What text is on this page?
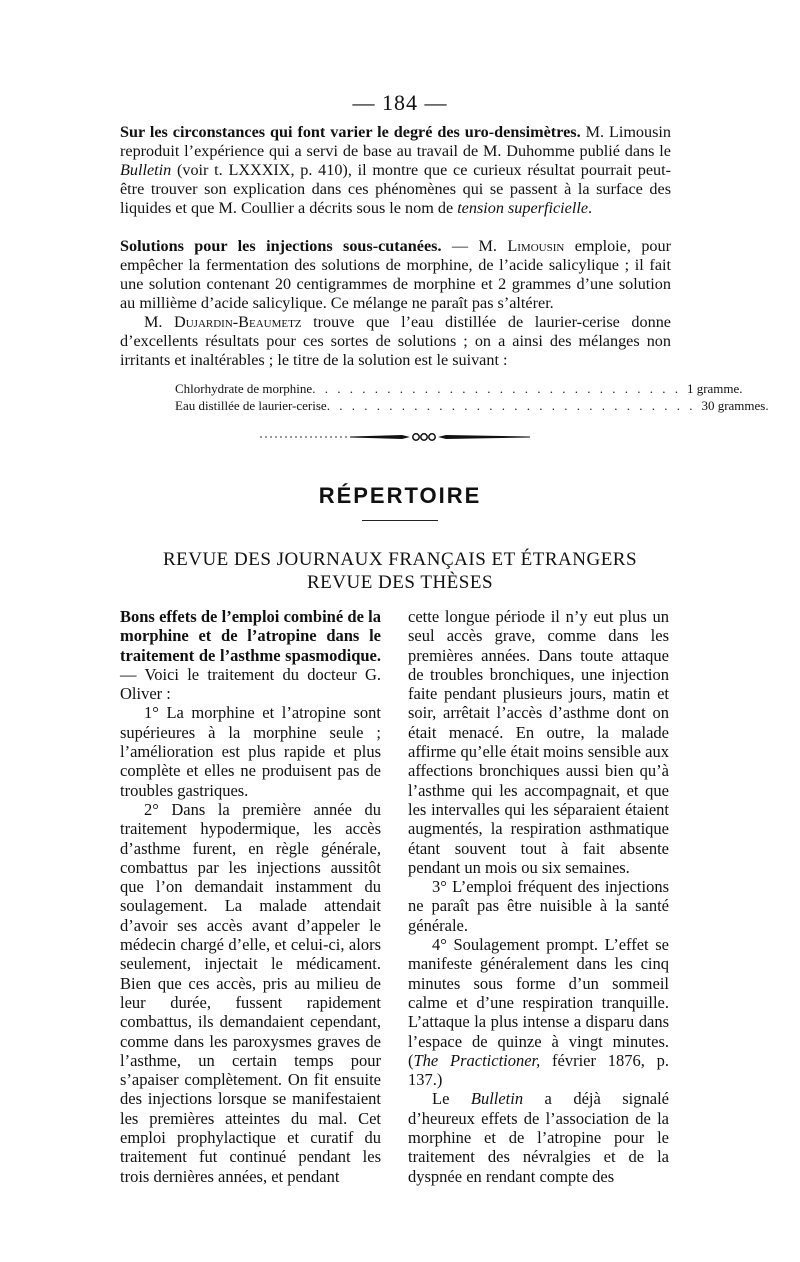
— 184 —

Sur les circonstances qui font varier le degré des uro-densimètres. M. Limousin reproduit l’expérience qui a servi de base au travail de M. Duhomme publié dans le Bulletin (voir t. LXXXIX, p. 410), il montre que ce curieux résultat pourrait peut-être trouver son explication dans ces phénomènes qui se passent à la surface des liquides et que M. Coullier a décrits sous le nom de tension superficielle.

Solutions pour les injections sous-cutanées. — M. Limousin emploie, pour empêcher la fermentation des solutions de morphine, de l’acide salicylique ; il fait une solution contenant 20 centigrammes de morphine et 2 grammes d’une solution au millième d’acide salicylique. Ce mélange ne paraît pas s’altérer.

M. Dujardin-Beaumetz trouve que l’eau distillée de laurier-cerise donne d’excellents résultats pour ces sortes de solutions ; on a ainsi des mélanges non irritants et inaltérables ; le titre de la solution est le suivant :

Chlorhydrate de morphine . . . . . . . . . . . . . . . . . . . . . . . . . . . . . . 1 gramme.
Eau distillée de laurier-cerise . . . . . . . . . . . . . . . . . . . . . . . . . . . . . . 30 grammes.
RÉPERTOIRE
REVUE DES JOURNAUX FRANÇAIS ET ÉTRANGERS
REVUE DES THÈSES

Bons effets de l’emploi combiné de la morphine et de l’atropine dans le traitement de l’asthme spasmodique. — Voici le traitement du docteur G. Oliver :

1° La morphine et l’atropine sont supérieures à la morphine seule ; l’amélioration est plus rapide et plus complète et elles ne produisent pas de troubles gastriques.

2° Dans la première année du traitement hypodermique, les accès d’asthme furent, en règle générale, combattus par les injections aussitôt que l’on demandait instamment du soulagement. La malade attendait d’avoir ses accès avant d’appeler le médecin chargé d’elle, et celui-ci, alors seulement, injectait le médicament. Bien que ces accès, pris au milieu de leur durée, fussent rapidement combattus, ils demandaient cependant, comme dans les paroxysmes graves de l’asthme, un certain temps pour s’apaiser complètement. On fit ensuite des injections lorsque se manifestaient les premières atteintes du mal. Cet emploi prophylactique et curatif du traitement fut continué pendant les trois dernières années, et pendant

cette longue période il n’y eut plus un seul accès grave, comme dans les premières années. Dans toute attaque de troubles bronchiques, une injection faite pendant plusieurs jours, matin et soir, arrêtait l’accès d’asthme dont on était menacé. En outre, la malade affirme qu’elle était moins sensible aux affections bronchiques aussi bien qu’à l’asthme qui les accompagnait, et que les intervalles qui les séparaient étaient augmentés, la respiration asthmatique étant souvent tout à fait absente pendant un mois ou six semaines.

3° L’emploi fréquent des injections ne paraît pas être nuisible à la santé générale.

4° Soulagement prompt. L’effet se manifeste généralement dans les cinq minutes sous forme d’un sommeil calme et d’une respiration tranquille. L’attaque la plus intense a disparu dans l’espace de quinze à vingt minutes. (The Practictioner, février 1876, p. 137.)

Le Bulletin a déjà signalé d’heureux effets de l’association de la morphine et de l’atropine pour le traitement des névralgies et de la dyspnée en rendant compte des
